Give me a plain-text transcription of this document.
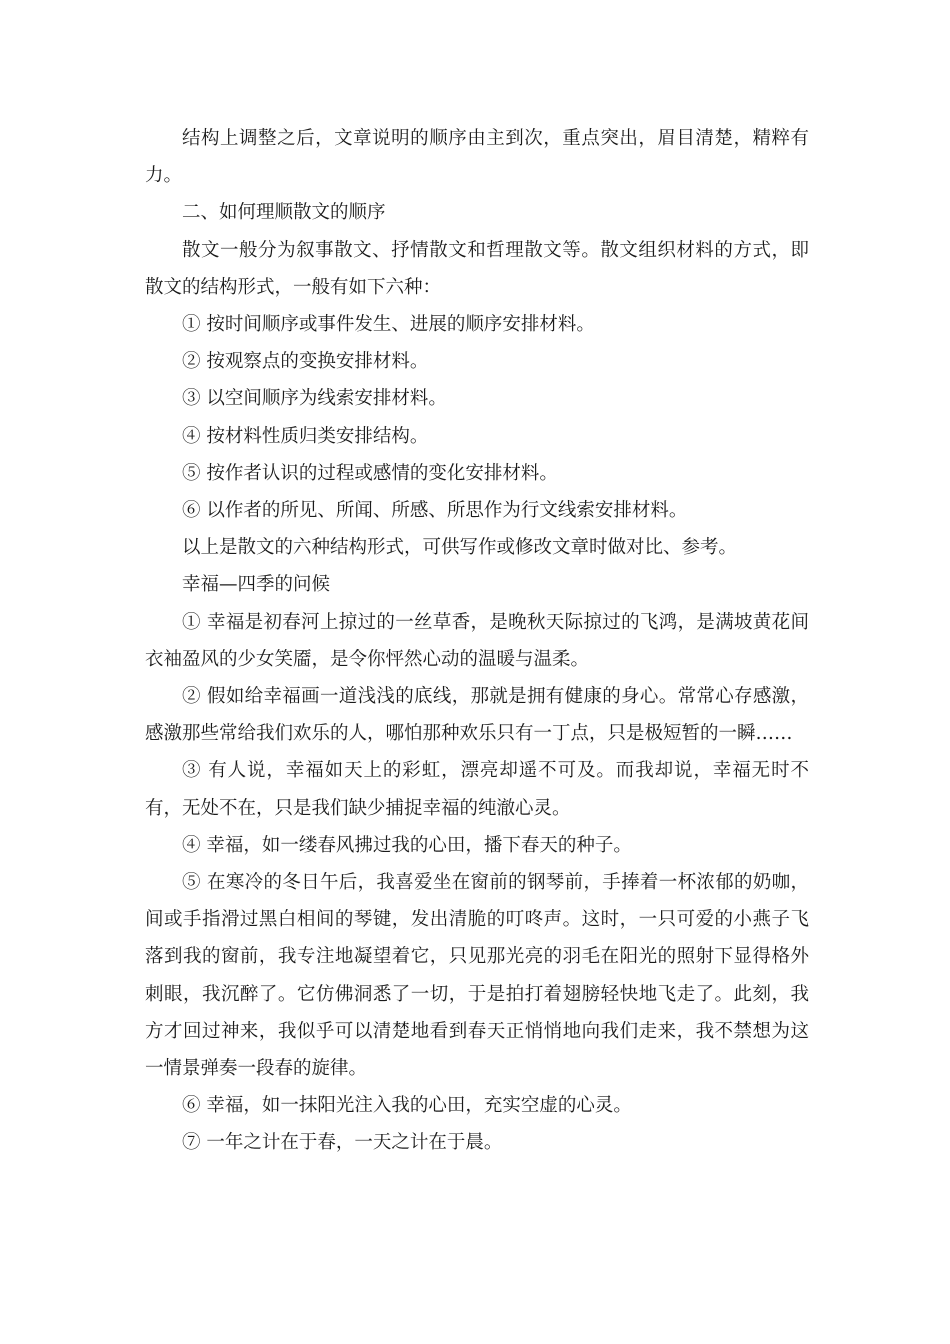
结构上调整之后，文章说明的顺序由主到次，重点突出，眉目清楚，精粹有力。

二、如何理顺散文的顺序

散文一般分为叙事散文、抒情散文和哲理散文等。散文组织材料的方式，即散文的结构形式，一般有如下六种：

① 按时间顺序或事件发生、进展的顺序安排材料。

② 按观察点的变换安排材料。

③ 以空间顺序为线索安排材料。

④ 按材料性质归类安排结构。

⑤ 按作者认识的过程或感情的变化安排材料。

⑥ 以作者的所见、所闻、所感、所思作为行文线索安排材料。

以上是散文的六种结构形式，可供写作或修改文章时做对比、参考。

幸福—四季的问候

① 幸福是初春河上掠过的一丝草香，是晚秋天际掠过的飞鸿，是满坡黄花间衣袖盈风的少女笑靥，是令你怦然心动的温暖与温柔。

② 假如给幸福画一道浅浅的底线，那就是拥有健康的身心。常常心存感激，感激那些常给我们欢乐的人，哪怕那种欢乐只有一丁点，只是极短暂的一瞬……

③ 有人说，幸福如天上的彩虹，漂亮却遥不可及。而我却说，幸福无时不有，无处不在，只是我们缺少捕捉幸福的纯澈心灵。

④ 幸福，如一缕春风拂过我的心田，播下春天的种子。

⑤ 在寒冷的冬日午后，我喜爱坐在窗前的钢琴前，手捧着一杯浓郁的奶咖，间或手指滑过黑白相间的琴键，发出清脆的叮咚声。这时，一只可爱的小燕子飞落到我的窗前，我专注地凝望着它，只见那光亮的羽毛在阳光的照射下显得格外刺眼，我沉醉了。它仿佛洞悉了一切，于是拍打着翅膀轻快地飞走了。此刻，我方才回过神来，我似乎可以清楚地看到春天正悄悄地向我们走来，我不禁想为这一情景弹奏一段春的旋律。

⑥ 幸福，如一抹阳光注入我的心田，充实空虚的心灵。

⑦ 一年之计在于春，一天之计在于晨。
